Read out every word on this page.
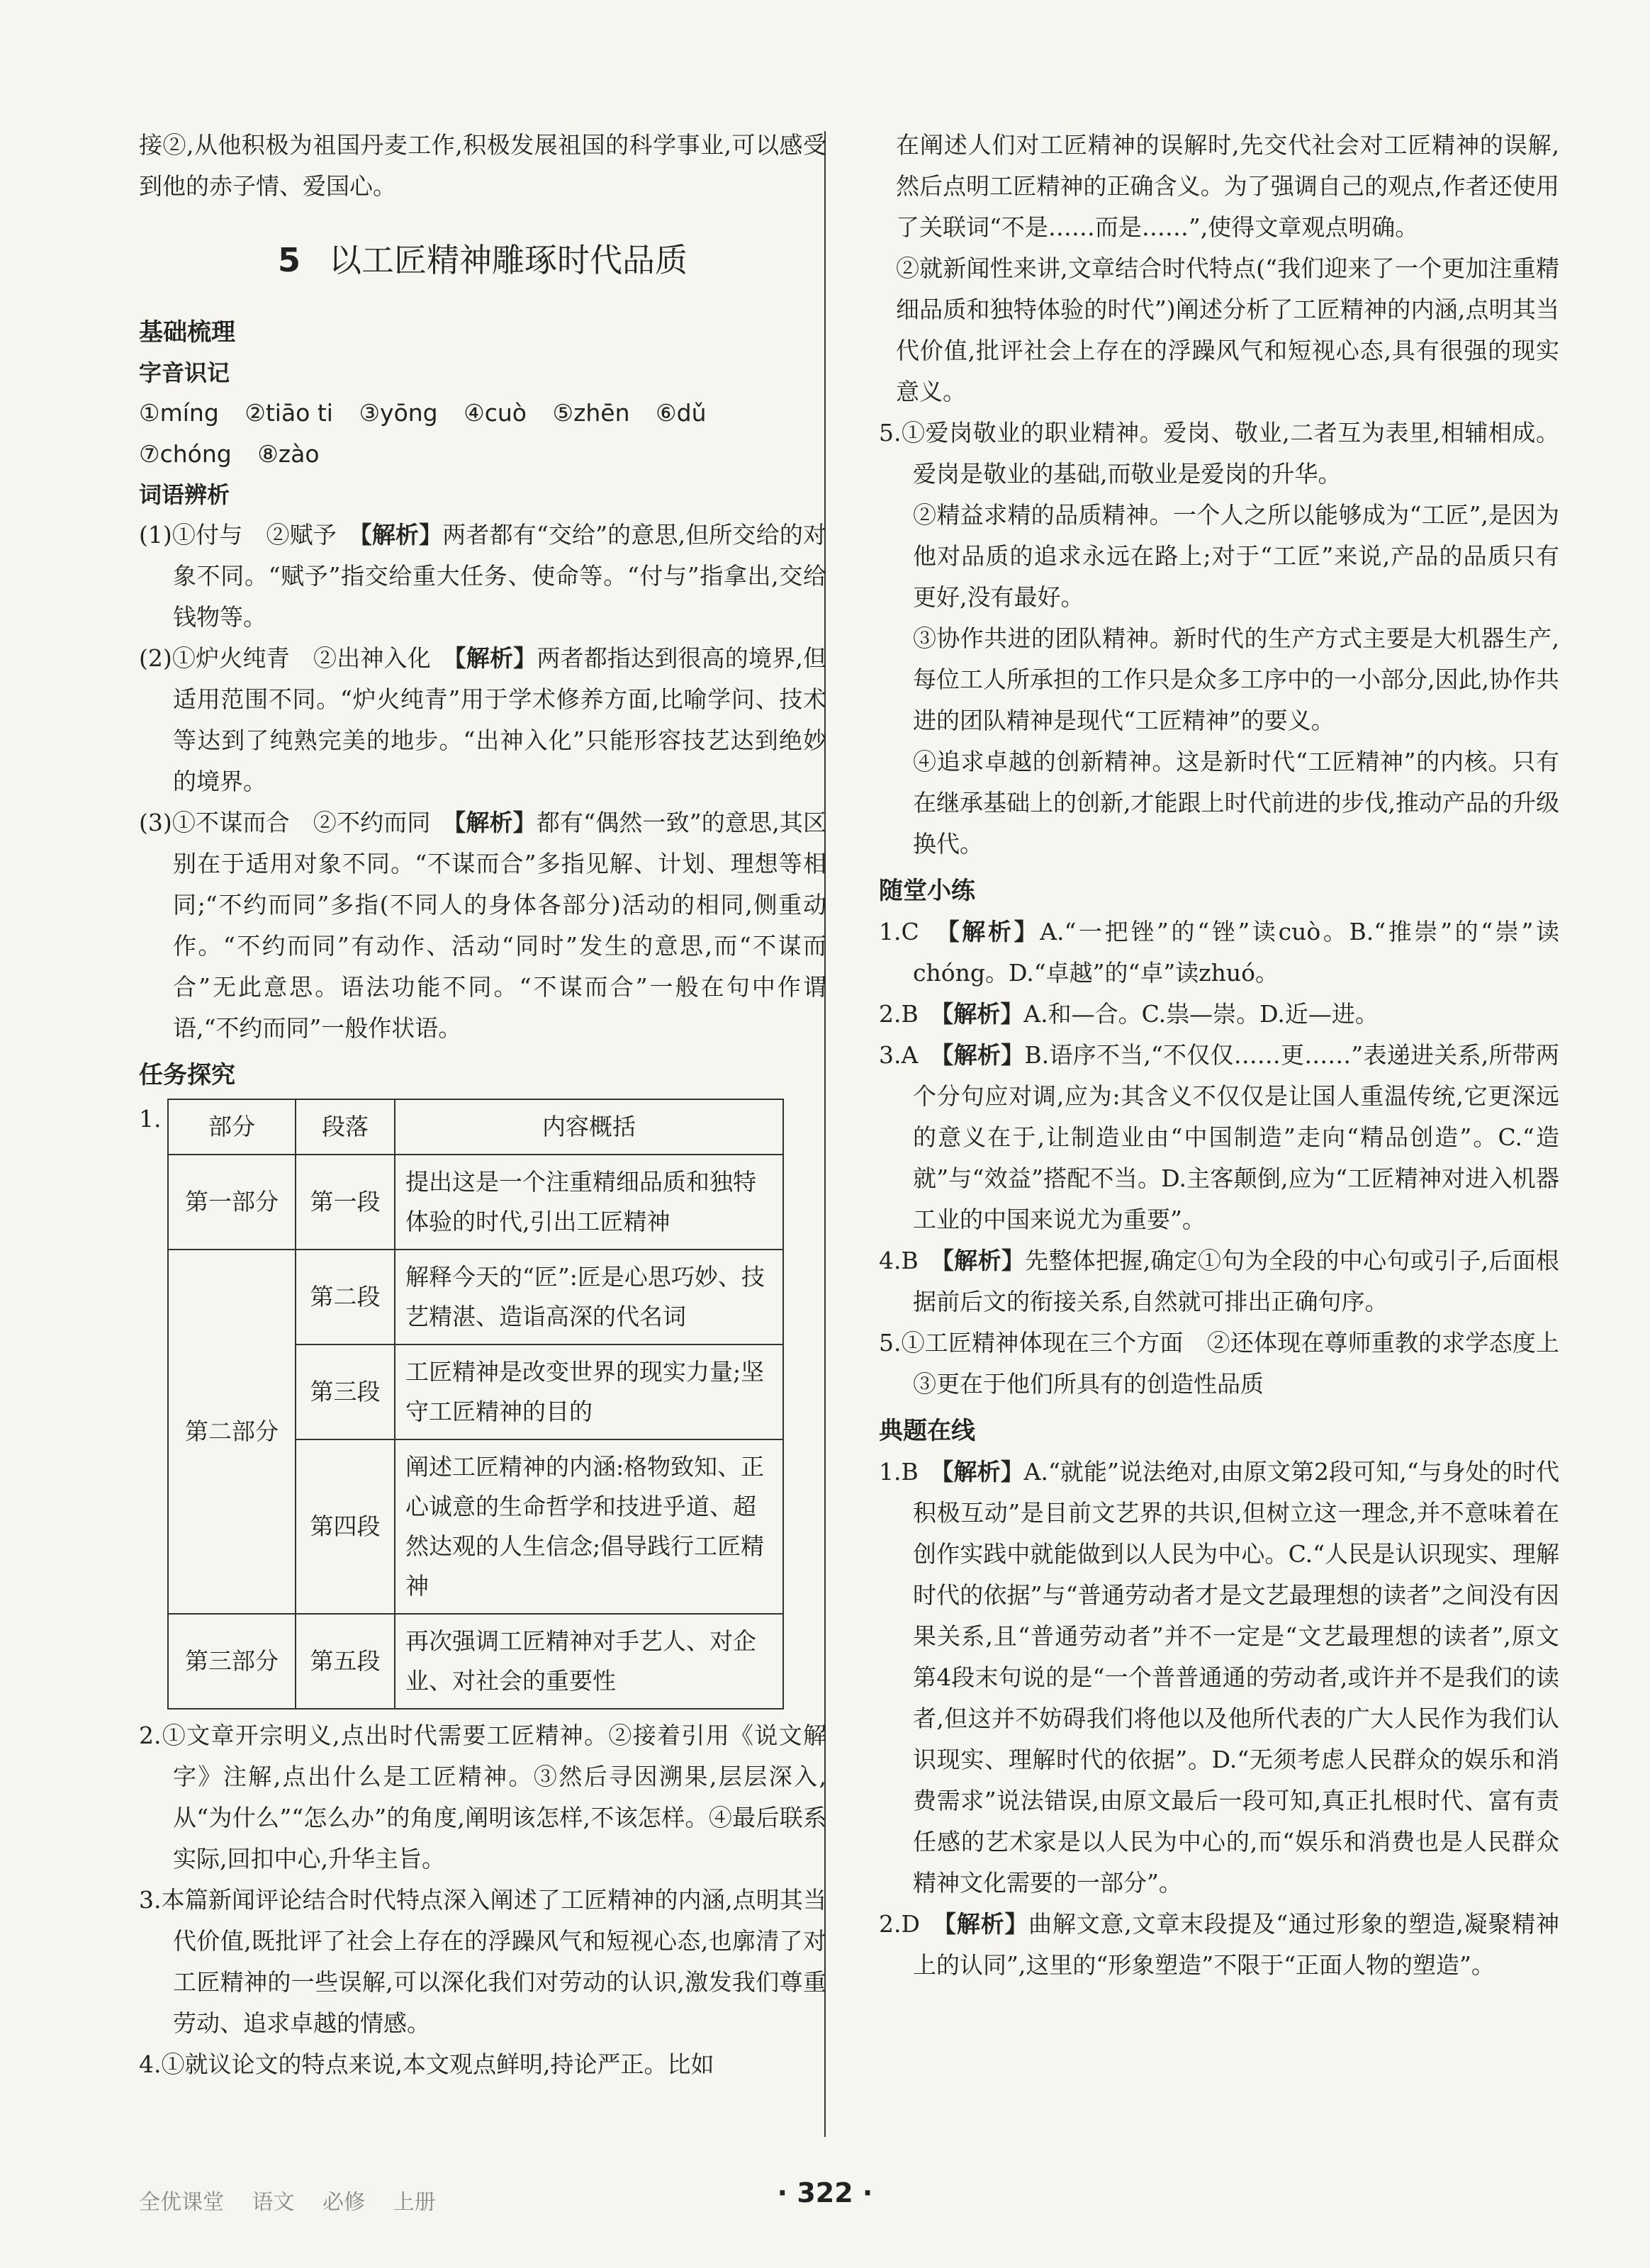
接②,从他积极为祖国丹麦工作,积极发展祖国的科学事业,可以感受到他的赤子情、爱国心。
5 以工匠精神雕琢时代品质
基础梳理
字音识记
①míng ②tiāo ti ③yōng ④cuò ⑤zhēn ⑥dǔ
⑦chóng ⑧zào
词语辨析
(1)①付与　②赋予　【解析】两者都有“交给”的意思,但所交给的对象不同。“赋予”指交给重大任务、使命等。“付与”指拿出,交给钱物等。
(2)①炉火纯青　②出神入化　【解析】两者都指达到很高的境界,但适用范围不同。“炉火纯青”用于学术修养方面,比喻学问、技术等达到了纯熟完美的地步。“出神入化”只能形容技艺达到绝妙的境界。
(3)①不谋而合　②不约而同　【解析】都有“偶然一致”的意思,其区别在于适用对象不同。“不谋而合”多指见解、计划、理想等相同;“不约而同”多指(不同人的身体各部分)活动的相同,侧重动作。“不约而同”有动作、活动“同时”发生的意思,而“不谋而合”无此意思。语法功能不同。“不谋而合”一般在句中作谓语,“不约而同”一般作状语。
任务探究
1. 部分	段落	内容概括
第一部分	第一段	提出这是一个注重精细品质和独特体验的时代,引出工匠精神
第二部分	第二段	解释今天的“匠”:匠是心思巧妙、技艺精湛、造诣高深的代名词
	第三段	工匠精神是改变世界的现实力量;坚守工匠精神的目的
	第四段	阐述工匠精神的内涵:格物致知、正心诚意的生命哲学和技进乎道、超然达观的人生信念;倡导践行工匠精神
第三部分	第五段	再次强调工匠精神对手艺人、对企业、对社会的重要性
2.①文章开宗明义,点出时代需要工匠精神。②接着引用《说文解字》注解,点出什么是工匠精神。③然后寻因溯果,层层深入,从“为什么”“怎么办”的角度,阐明该怎样,不该怎样。④最后联系实际,回扣中心,升华主旨。
3.本篇新闻评论结合时代特点深入阐述了工匠精神的内涵,点明其当代价值,既批评了社会上存在的浮躁风气和短视心态,也廓清了对工匠精神的一些误解,可以深化我们对劳动的认识,激发我们尊重劳动、追求卓越的情感。
4.①就议论文的特点来说,本文观点鲜明,持论严正。比如
在阐述人们对工匠精神的误解时,先交代社会对工匠精神的误解,然后点明工匠精神的正确含义。为了强调自己的观点,作者还使用了关联词“不是……而是……”,使得文章观点明确。
②就新闻性来讲,文章结合时代特点(“我们迎来了一个更加注重精细品质和独特体验的时代”)阐述分析了工匠精神的内涵,点明其当代价值,批评社会上存在的浮躁风气和短视心态,具有很强的现实意义。
5.①爱岗敬业的职业精神。爱岗、敬业,二者互为表里,相辅相成。爱岗是敬业的基础,而敬业是爱岗的升华。
②精益求精的品质精神。一个人之所以能够成为“工匠”,是因为他对品质的追求永远在路上;对于“工匠”来说,产品的品质只有更好,没有最好。
③协作共进的团队精神。新时代的生产方式主要是大机器生产,每位工人所承担的工作只是众多工序中的一小部分,因此,协作共进的团队精神是现代“工匠精神”的要义。
④追求卓越的创新精神。这是新时代“工匠精神”的内核。只有在继承基础上的创新,才能跟上时代前进的步伐,推动产品的升级换代。
随堂小练
1.C　【解析】A.“一把锉”的“锉”读cuò。B.“推崇”的“崇”读chóng。D.“卓越”的“卓”读zhuó。
2.B　【解析】A.和—合。C.祟—崇。D.近—进。
3.A　【解析】B.语序不当,“不仅仅……更……”表递进关系,所带两个分句应对调,应为:其含义不仅仅是让国人重温传统,它更深远的意义在于,让制造业由“中国制造”走向“精品创造”。C.“造就”与“效益”搭配不当。D.主客颠倒,应为“工匠精神对进入机器工业的中国来说尤为重要”。
4.B　【解析】先整体把握,确定①句为全段的中心句或引子,后面根据前后文的衔接关系,自然就可排出正确句序。
5.①工匠精神体现在三个方面　②还体现在尊师重教的求学态度上　③更在于他们所具有的创造性品质
典题在线
1.B　【解析】A.“就能”说法绝对,由原文第2段可知,“与身处的时代积极互动”是目前文艺界的共识,但树立这一理念,并不意味着在创作实践中就能做到以人民为中心。C.“人民是认识现实、理解时代的依据”与“普通劳动者才是文艺最理想的读者”之间没有因果关系,且“普通劳动者”并不一定是“文艺最理想的读者”,原文第4段末句说的是“一个普普通通的劳动者,或许并不是我们的读者,但这并不妨碍我们将他以及他所代表的广大人民作为我们认识现实、理解时代的依据”。D.“无须考虑人民群众的娱乐和消费需求”说法错误,由原文最后一段可知,真正扎根时代、富有责任感的艺术家是以人民为中心的,而“娱乐和消费也是人民群众精神文化需要的一部分”。
2.D　【解析】曲解文意,文章末段提及“通过形象的塑造,凝聚精神上的认同”,这里的“形象塑造”不限于“正面人物的塑造”。
全优课堂 语文 必修 上册	· 322 ·
